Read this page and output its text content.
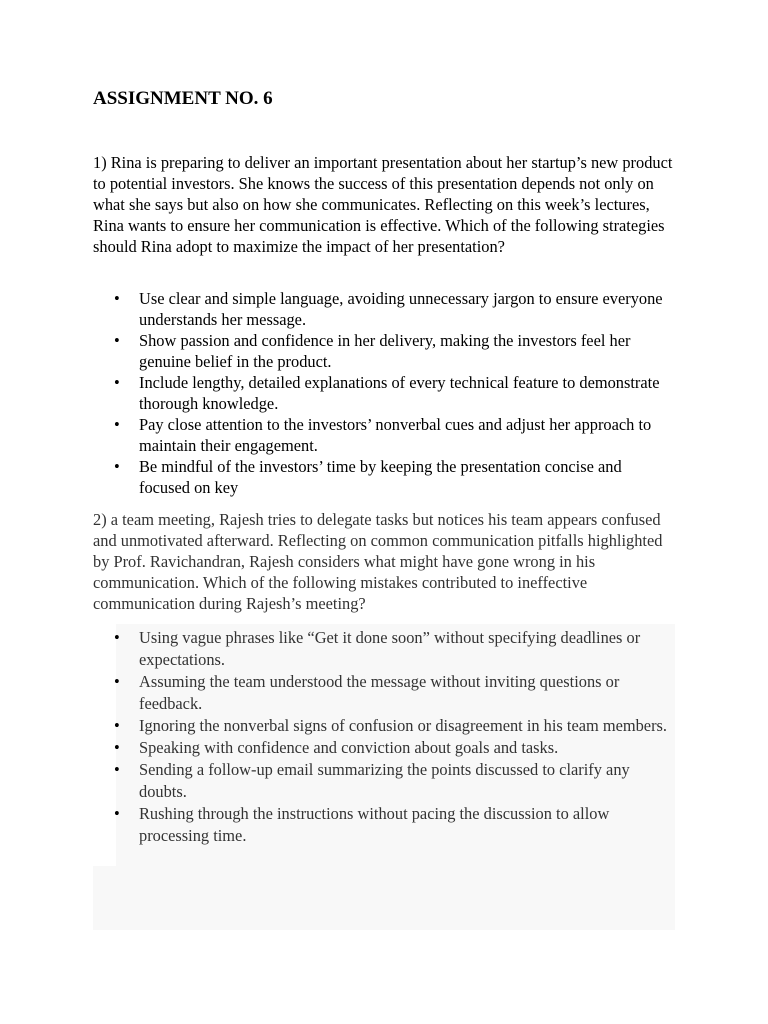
ASSIGNMENT NO. 6

1) Rina is preparing to deliver an important presentation about her startup’s new product to potential investors. She knows the success of this presentation depends not only on what she says but also on how she communicates. Reflecting on this week’s lectures, Rina wants to ensure her communication is effective. Which of the following strategies should Rina adopt to maximize the impact of her presentation?

• Use clear and simple language, avoiding unnecessary jargon to ensure everyone understands her message.
• Show passion and confidence in her delivery, making the investors feel her genuine belief in the product.
• Include lengthy, detailed explanations of every technical feature to demonstrate thorough knowledge.
• Pay close attention to the investors’ nonverbal cues and adjust her approach to maintain their engagement.
• Be mindful of the investors’ time by keeping the presentation concise and focused on key

2) a team meeting, Rajesh tries to delegate tasks but notices his team appears confused and unmotivated afterward. Reflecting on common communication pitfalls highlighted by Prof. Ravichandran, Rajesh considers what might have gone wrong in his communication. Which of the following mistakes contributed to ineffective communication during Rajesh’s meeting?

• Using vague phrases like “Get it done soon” without specifying deadlines or expectations.
• Assuming the team understood the message without inviting questions or feedback.
• Ignoring the nonverbal signs of confusion or disagreement in his team members.
• Speaking with confidence and conviction about goals and tasks.
• Sending a follow-up email summarizing the points discussed to clarify any doubts.
• Rushing through the instructions without pacing the discussion to allow processing time.
